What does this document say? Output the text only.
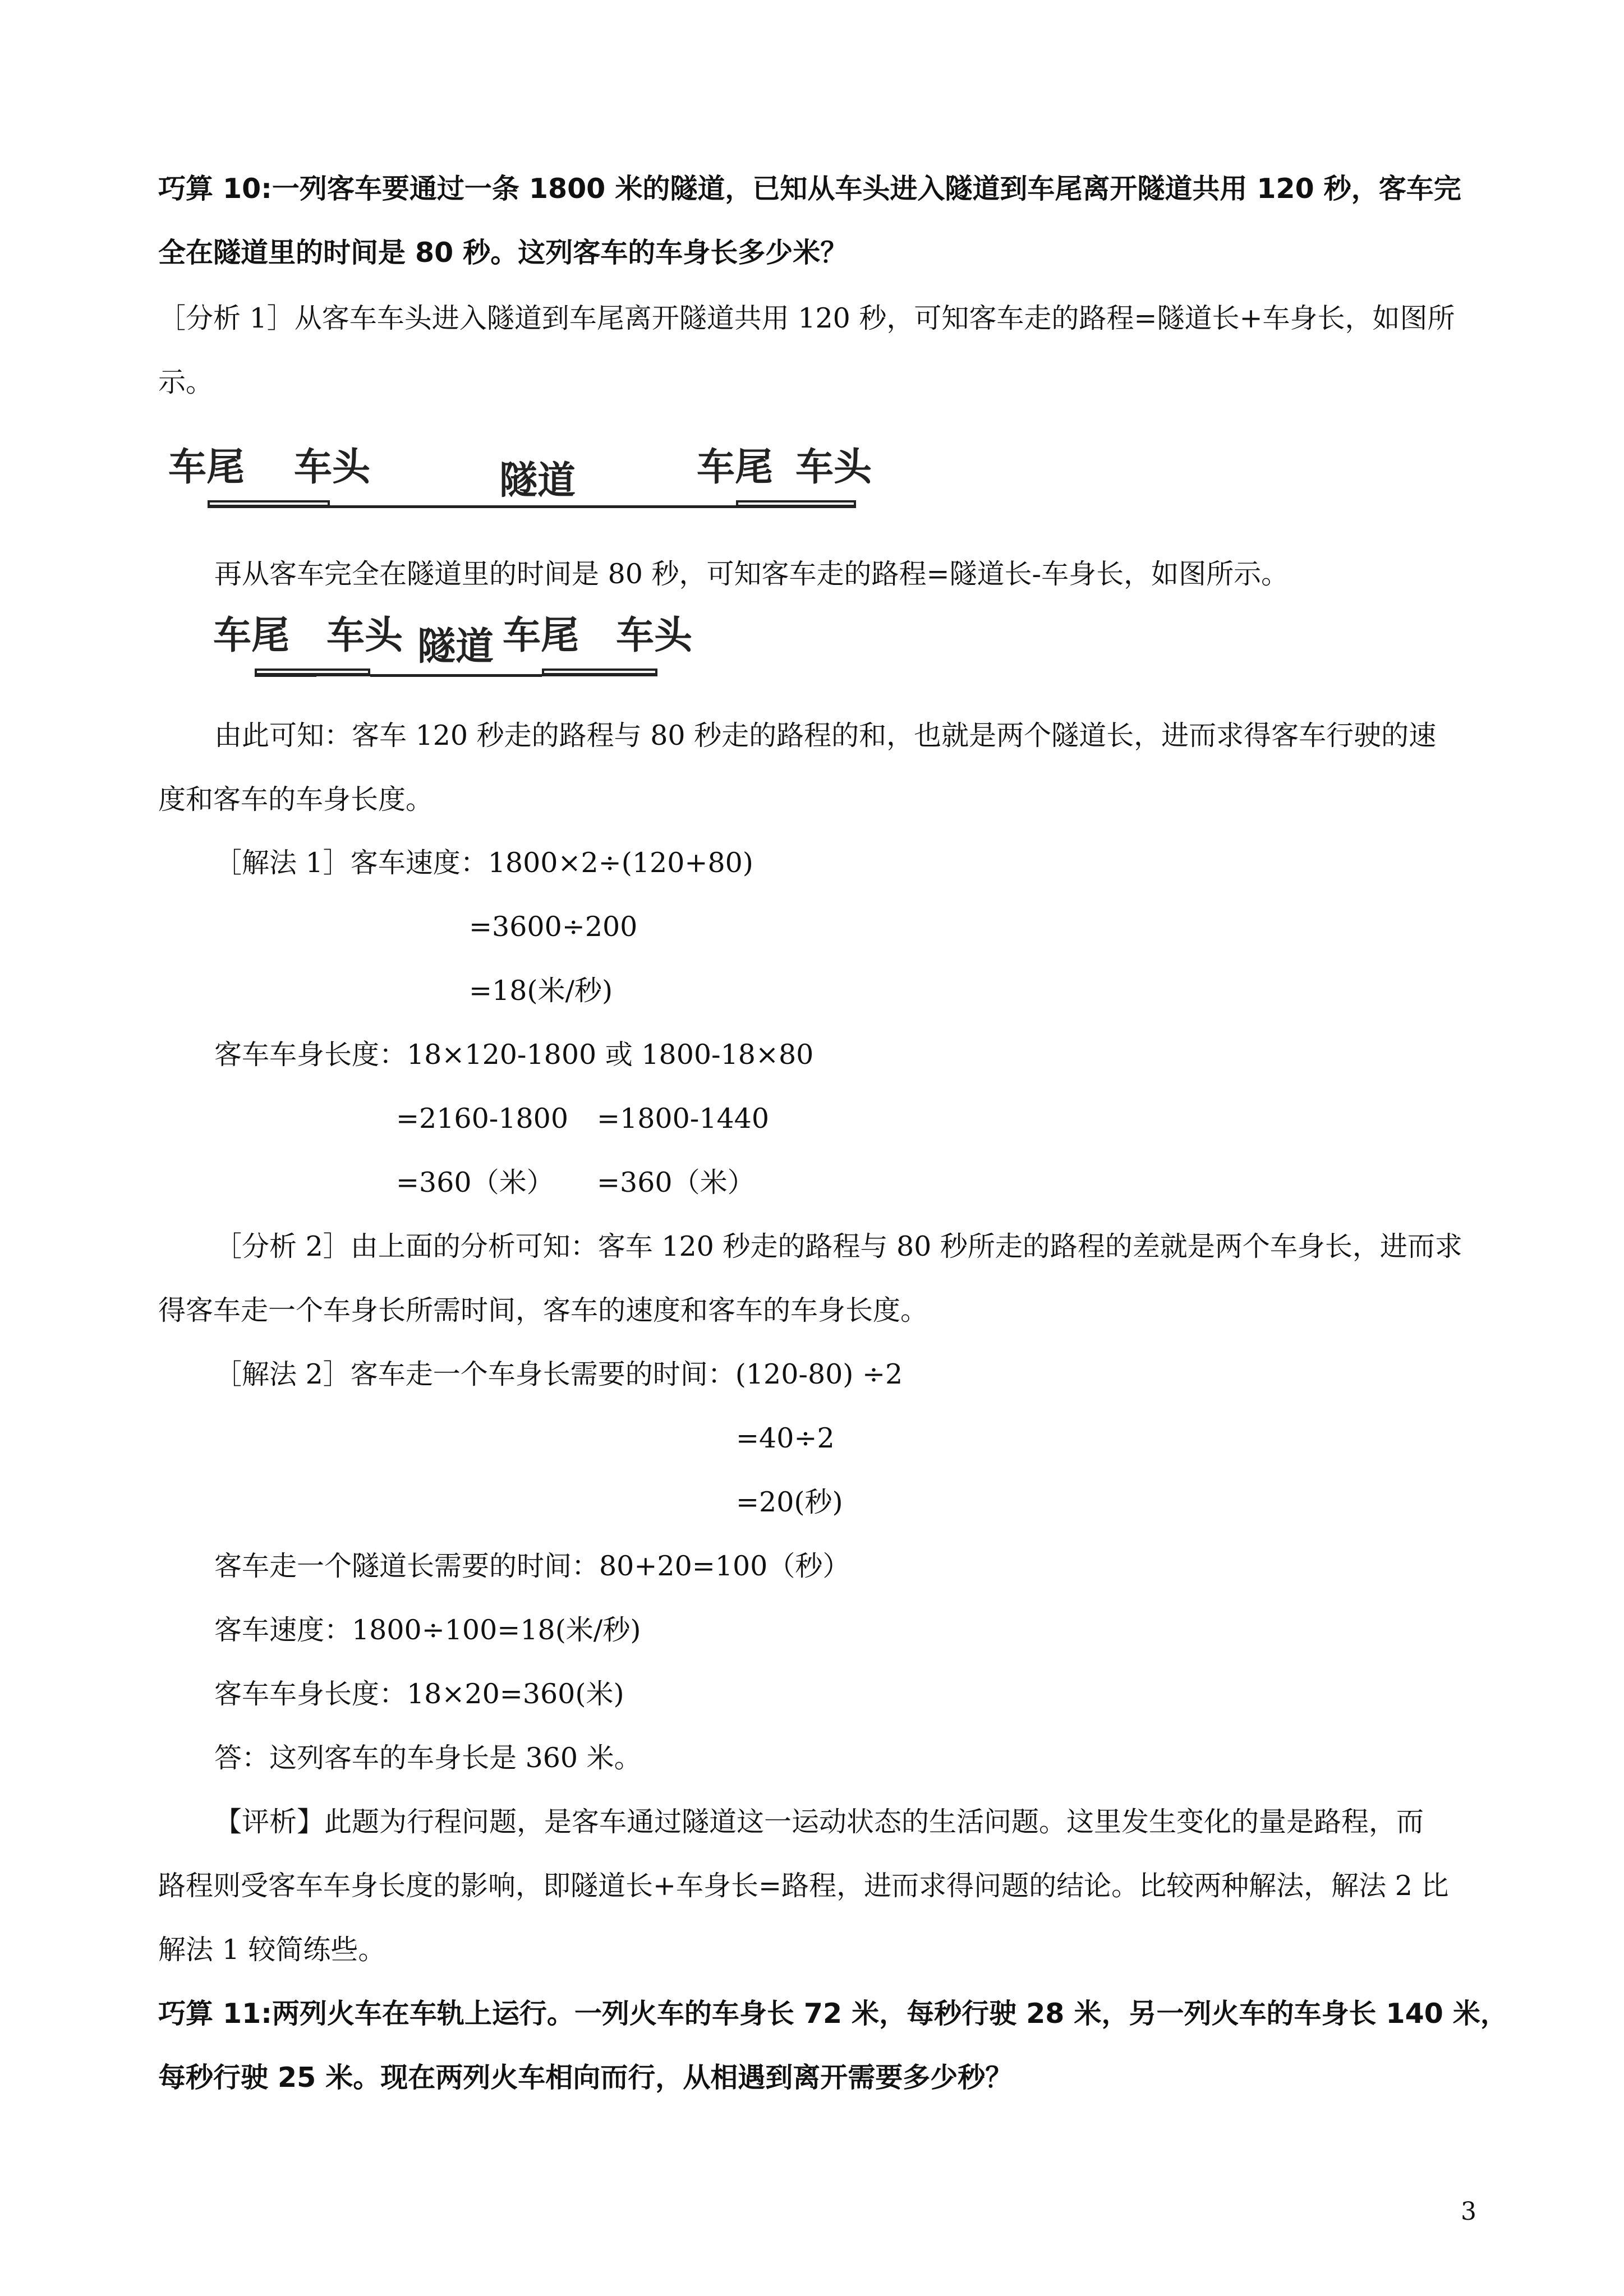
巧算 10:一列客车要通过一条 1800 米的隧道，已知从车头进入隧道到车尾离开隧道共用 120 秒，客车完
全在隧道里的时间是 80 秒。这列客车的车身长多少米？
［分析 1］从客车车头进入隧道到车尾离开隧道共用 120 秒，可知客车走的路程=隧道长+车身长，如图所
示。
车尾 车头	隧道	车尾 车头
再从客车完全在隧道里的时间是 80 秒，可知客车走的路程=隧道长-车身长，如图所示。
车尾 车头 隧道 车尾 车头
由此可知：客车 120 秒走的路程与 80 秒走的路程的和，也就是两个隧道长，进而求得客车行驶的速
度和客车的车身长度。
［解法 1］客车速度：1800×2÷(120+80)
=3600÷200
=18(米/秒)
客车车身长度：18×120-1800 或 1800-18×80
=2160-1800 =1800-1440
=360（米） =360（米）
［分析 2］由上面的分析可知：客车 120 秒走的路程与 80 秒所走的路程的差就是两个车身长，进而求
得客车走一个车身长所需时间，客车的速度和客车的车身长度。
［解法 2］客车走一个车身长需要的时间：(120-80) ÷2
=40÷2
=20(秒)
客车走一个隧道长需要的时间：80+20=100（秒）
客车速度：1800÷100=18(米/秒)
客车车身长度：18×20=360(米)
答：这列客车的车身长是 360 米。
【评析】此题为行程问题，是客车通过隧道这一运动状态的生活问题。这里发生变化的量是路程，而
路程则受客车车身长度的影响，即隧道长+车身长=路程，进而求得问题的结论。比较两种解法，解法 2 比
解法 1 较简练些。
巧算 11:两列火车在车轨上运行。一列火车的车身长 72 米，每秒行驶 28 米，另一列火车的车身长 140 米，
每秒行驶 25 米。现在两列火车相向而行，从相遇到离开需要多少秒？
3
